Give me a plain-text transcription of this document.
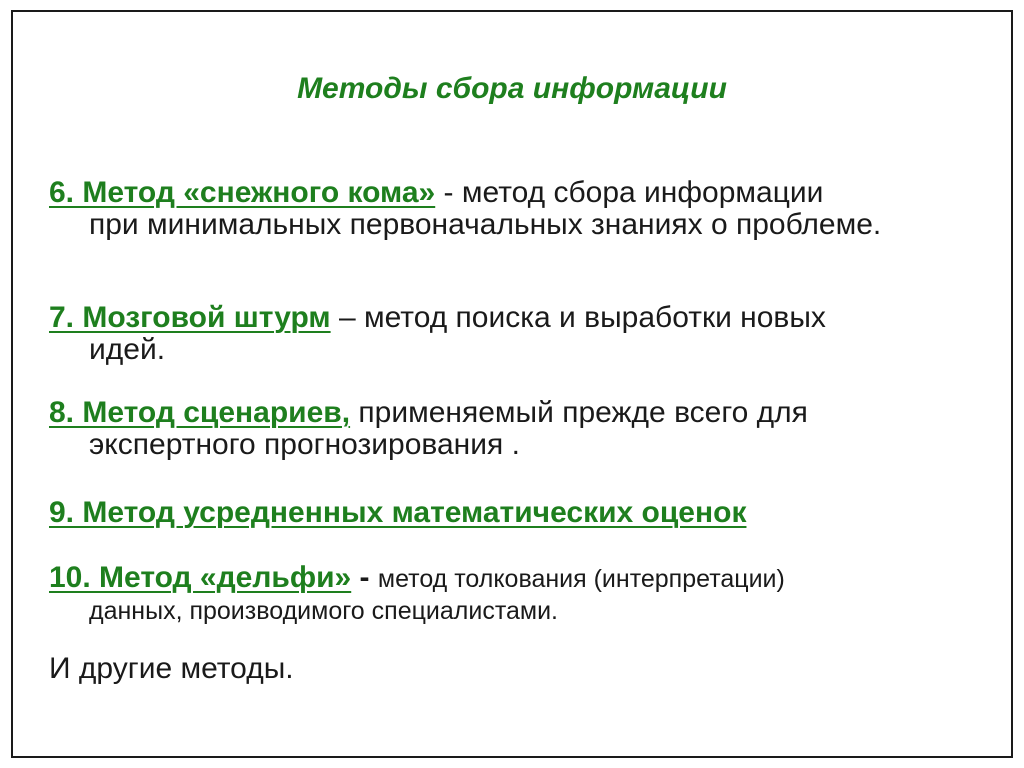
Методы сбора информации
6. Метод «снежного кома» - метод сбора информации
при минимальных первоначальных знаниях о проблеме.
7. Мозговой штурм – метод поиска и выработки новых
идей.
8. Метод сценариев, применяемый прежде всего для
экспертного прогнозирования .
9. Метод усредненных математических оценок
10. Метод «дельфи» - метод толкования (интерпретации)
данных, производимого специалистами.
И другие методы.
